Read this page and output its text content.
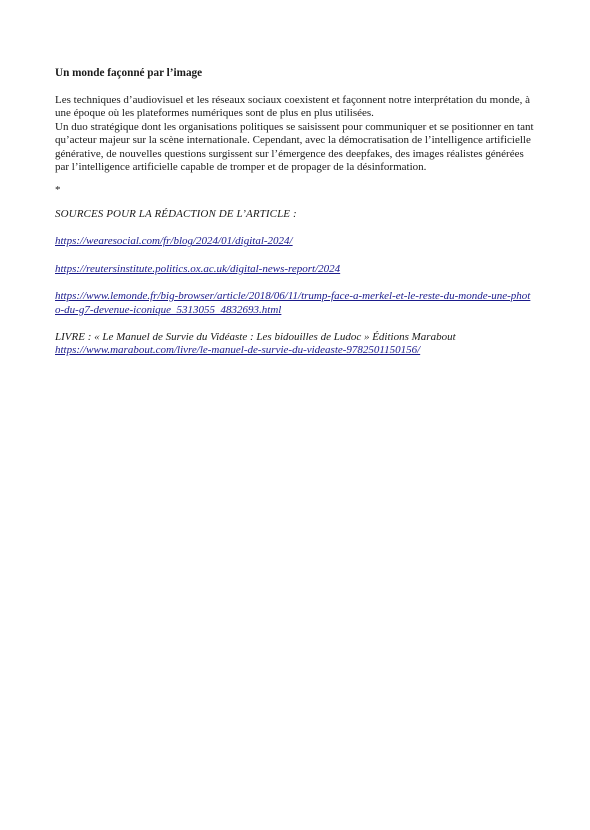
Un monde façonné par l’image

Les techniques d’audiovisuel et les réseaux sociaux coexistent et façonnent notre interprétation du monde, à une époque où les plateformes numériques sont de plus en plus utilisées.

Un duo stratégique dont les organisations politiques se saisissent pour communiquer et se positionner en tant qu’acteur majeur sur la scène internationale. Cependant, avec la démocratisation de l’intelligence artificielle générative, de nouvelles questions surgissent sur l’émergence des deepfakes, des images réalistes générées par l’intelligence artificielle capable de tromper et de propager de la désinformation.

*

SOURCES POUR LA RÉDACTION DE L’ARTICLE :

https://wearesocial.com/fr/blog/2024/01/digital-2024/
https://reutersinstitute.politics.ox.ac.uk/digital-news-report/2024
https://www.lemonde.fr/big-browser/article/2018/06/11/trump-face-a-merkel-et-le-reste-du-monde-une-photo-du-g7-devenue-iconique_5313055_4832693.html
LIVRE : « Le Manuel de Survie du Vidéaste : Les bidouilles de Ludoc » Éditions Marabout
https://www.marabout.com/livre/le-manuel-de-survie-du-videaste-9782501150156/
